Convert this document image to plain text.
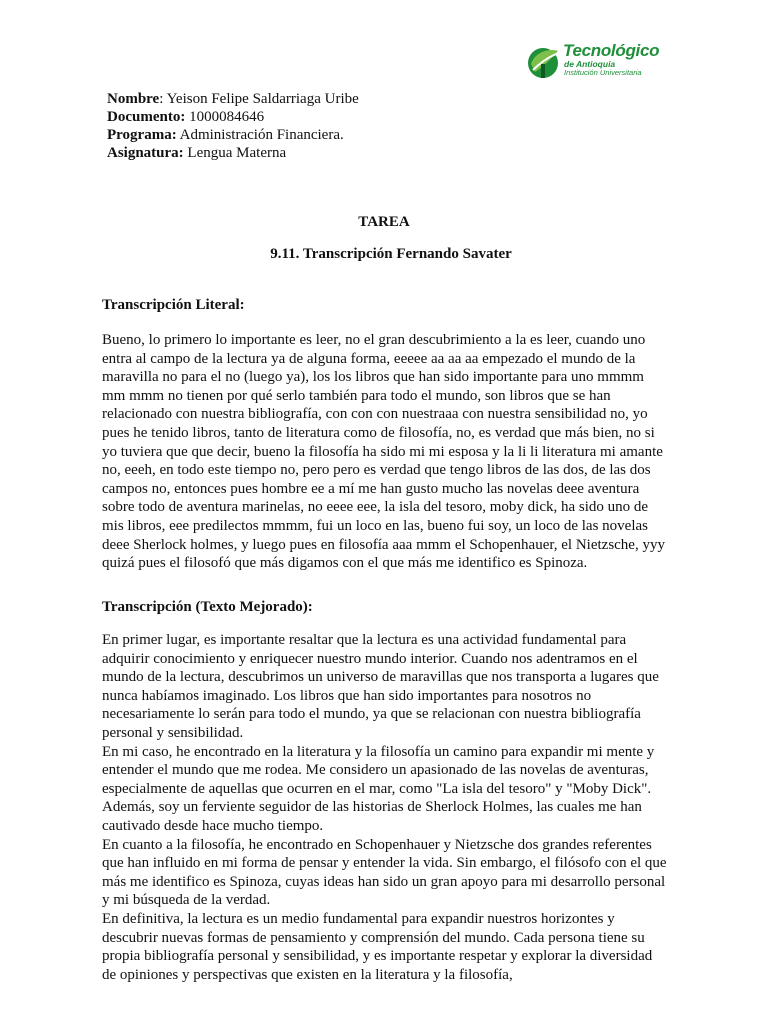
Tecnológico
de Antioquia
Institución Universitaria
Nombre: Yeison Felipe Saldarriaga Uribe
Documento: 1000084646
Programa: Administración Financiera.
Asignatura: Lengua Materna
TAREA
9.11. Transcripción Fernando Savater
Transcripción Literal:
Bueno, lo primero lo importante es leer, no el gran descubrimiento a la es leer, cuando uno
entra al campo de la lectura ya de alguna forma, eeeee aa aa aa empezado el mundo de la
maravilla no para el no (luego ya), los los libros que han sido importante para uno mmmm
mm mmm no tienen por qué serlo también para todo el mundo, son libros que se han
relacionado con nuestra bibliografía, con con con nuestraaa con nuestra sensibilidad no, yo
pues he tenido libros, tanto de literatura como de filosofía, no, es verdad que más bien, no si
yo tuviera que que decir, bueno la filosofía ha sido mi mi esposa y la li li literatura mi amante
no, eeeh, en todo este tiempo no, pero pero es verdad que tengo libros de las dos, de las dos
campos no, entonces pues hombre ee a mí me han gusto mucho las novelas deee aventura
sobre todo de aventura marinelas, no eeee eee, la isla del tesoro, moby dick, ha sido uno de
mis libros, eee predilectos mmmm, fui un loco en las, bueno fui soy, un loco de las novelas
deee Sherlock holmes, y luego pues en filosofía aaa mmm el Schopenhauer, el Nietzsche, yyy
quizá pues el filosofó que más digamos con el que más me identifico es Spinoza.
Transcripción (Texto Mejorado):
En primer lugar, es importante resaltar que la lectura es una actividad fundamental para
adquirir conocimiento y enriquecer nuestro mundo interior. Cuando nos adentramos en el
mundo de la lectura, descubrimos un universo de maravillas que nos transporta a lugares que
nunca habíamos imaginado. Los libros que han sido importantes para nosotros no
necesariamente lo serán para todo el mundo, ya que se relacionan con nuestra bibliografía
personal y sensibilidad.
En mi caso, he encontrado en la literatura y la filosofía un camino para expandir mi mente y
entender el mundo que me rodea. Me considero un apasionado de las novelas de aventuras,
especialmente de aquellas que ocurren en el mar, como "La isla del tesoro" y "Moby Dick".
Además, soy un ferviente seguidor de las historias de Sherlock Holmes, las cuales me han
cautivado desde hace mucho tiempo.
En cuanto a la filosofía, he encontrado en Schopenhauer y Nietzsche dos grandes referentes
que han influido en mi forma de pensar y entender la vida. Sin embargo, el filósofo con el que
más me identifico es Spinoza, cuyas ideas han sido un gran apoyo para mi desarrollo personal
y mi búsqueda de la verdad.
En definitiva, la lectura es un medio fundamental para expandir nuestros horizontes y
descubrir nuevas formas de pensamiento y comprensión del mundo. Cada persona tiene su
propia bibliografía personal y sensibilidad, y es importante respetar y explorar la diversidad
de opiniones y perspectivas que existen en la literatura y la filosofía,
